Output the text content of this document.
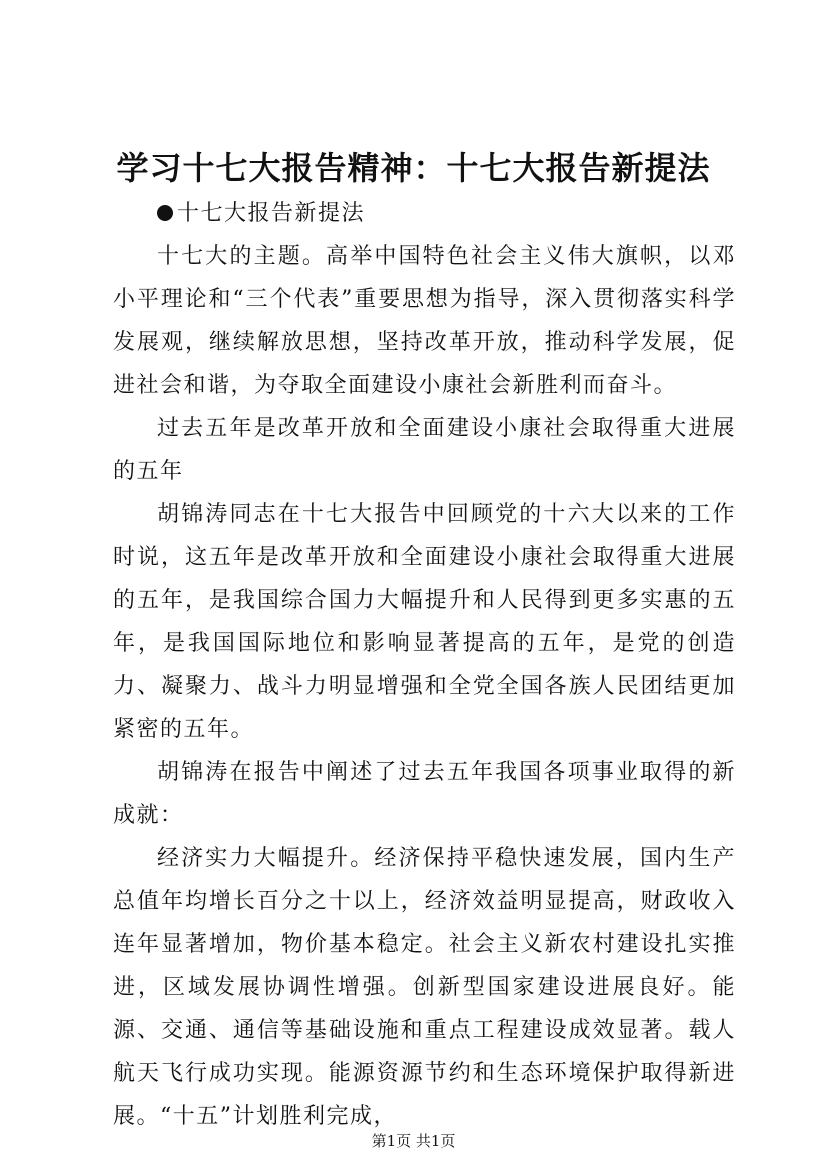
学习十七大报告精神：十七大报告新提法

十七大报告新提法

十七大的主题。高举中国特色社会主义伟大旗帜，以邓小平理论和“三个代表”重要思想为指导，深入贯彻落实科学发展观，继续解放思想，坚持改革开放，推动科学发展，促进社会和谐，为夺取全面建设小康社会新胜利而奋斗。

过去五年是改革开放和全面建设小康社会取得重大进展的五年

胡锦涛同志在十七大报告中回顾党的十六大以来的工作时说，这五年是改革开放和全面建设小康社会取得重大进展的五年，是我国综合国力大幅提升和人民得到更多实惠的五年，是我国国际地位和影响显著提高的五年，是党的创造力、凝聚力、战斗力明显增强和全党全国各族人民团结更加紧密的五年。

胡锦涛在报告中阐述了过去五年我国各项事业取得的新成就：

经济实力大幅提升。经济保持平稳快速发展，国内生产总值年均增长百分之十以上，经济效益明显提高，财政收入连年显著增加，物价基本稳定。社会主义新农村建设扎实推进，区域发展协调性增强。创新型国家建设进展良好。能源、交通、通信等基础设施和重点工程建设成效显著。载人航天飞行成功实现。能源资源节约和生态环境保护取得新进展。“十五”计划胜利完成，

第1页 共1页
